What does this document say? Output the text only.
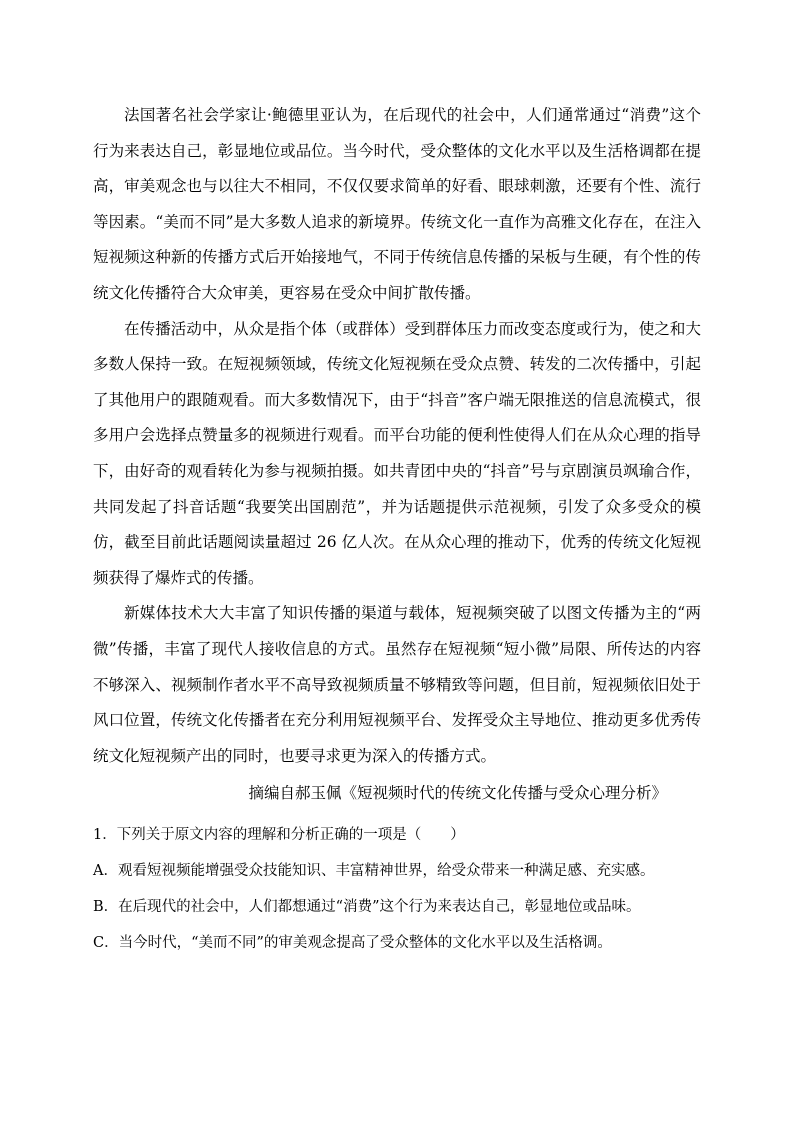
法国著名社会学家让·鲍德里亚认为，在后现代的社会中，人们通常通过“消费”这个行为来表达自己，彰显地位或品位。当今时代，受众整体的文化水平以及生活格调都在提高，审美观念也与以往大不相同，不仅仅要求简单的好看、眼球刺激，还要有个性、流行等因素。“美而不同”是大多数人追求的新境界。传统文化一直作为高雅文化存在，在注入短视频这种新的传播方式后开始接地气，不同于传统信息传播的呆板与生硬，有个性的传统文化传播符合大众审美，更容易在受众中间扩散传播。

在传播活动中，从众是指个体（或群体）受到群体压力而改变态度或行为，使之和大多数人保持一致。在短视频领域，传统文化短视频在受众点赞、转发的二次传播中，引起了其他用户的跟随观看。而大多数情况下，由于“抖音”客户端无限推送的信息流模式，很多用户会选择点赞量多的视频进行观看。而平台功能的便利性使得人们在从众心理的指导下，由好奇的观看转化为参与视频拍摄。如共青团中央的“抖音”号与京剧演员飒瑜合作，共同发起了抖音话题“我要笑出国剧范”，并为话题提供示范视频，引发了众多受众的模仿，截至目前此话题阅读量超过 26 亿人次。在从众心理的推动下，优秀的传统文化短视频获得了爆炸式的传播。

新媒体技术大大丰富了知识传播的渠道与载体，短视频突破了以图文传播为主的“两微”传播，丰富了现代人接收信息的方式。虽然存在短视频“短小微”局限、所传达的内容不够深入、视频制作者水平不高导致视频质量不够精致等问题，但目前，短视频依旧处于风口位置，传统文化传播者在充分利用短视频平台、发挥受众主导地位、推动更多优秀传统文化短视频产出的同时，也要寻求更为深入的传播方式。

摘编自郝玉佩《短视频时代的传统文化传播与受众心理分析》

1．下列关于原文内容的理解和分析正确的一项是（　　）

A．观看短视频能增强受众技能知识、丰富精神世界，给受众带来一种满足感、充实感。

B．在后现代的社会中，人们都想通过“消费”这个行为来表达自己，彰显地位或品味。

C．当今时代，“美而不同”的审美观念提高了受众整体的文化水平以及生活格调。
